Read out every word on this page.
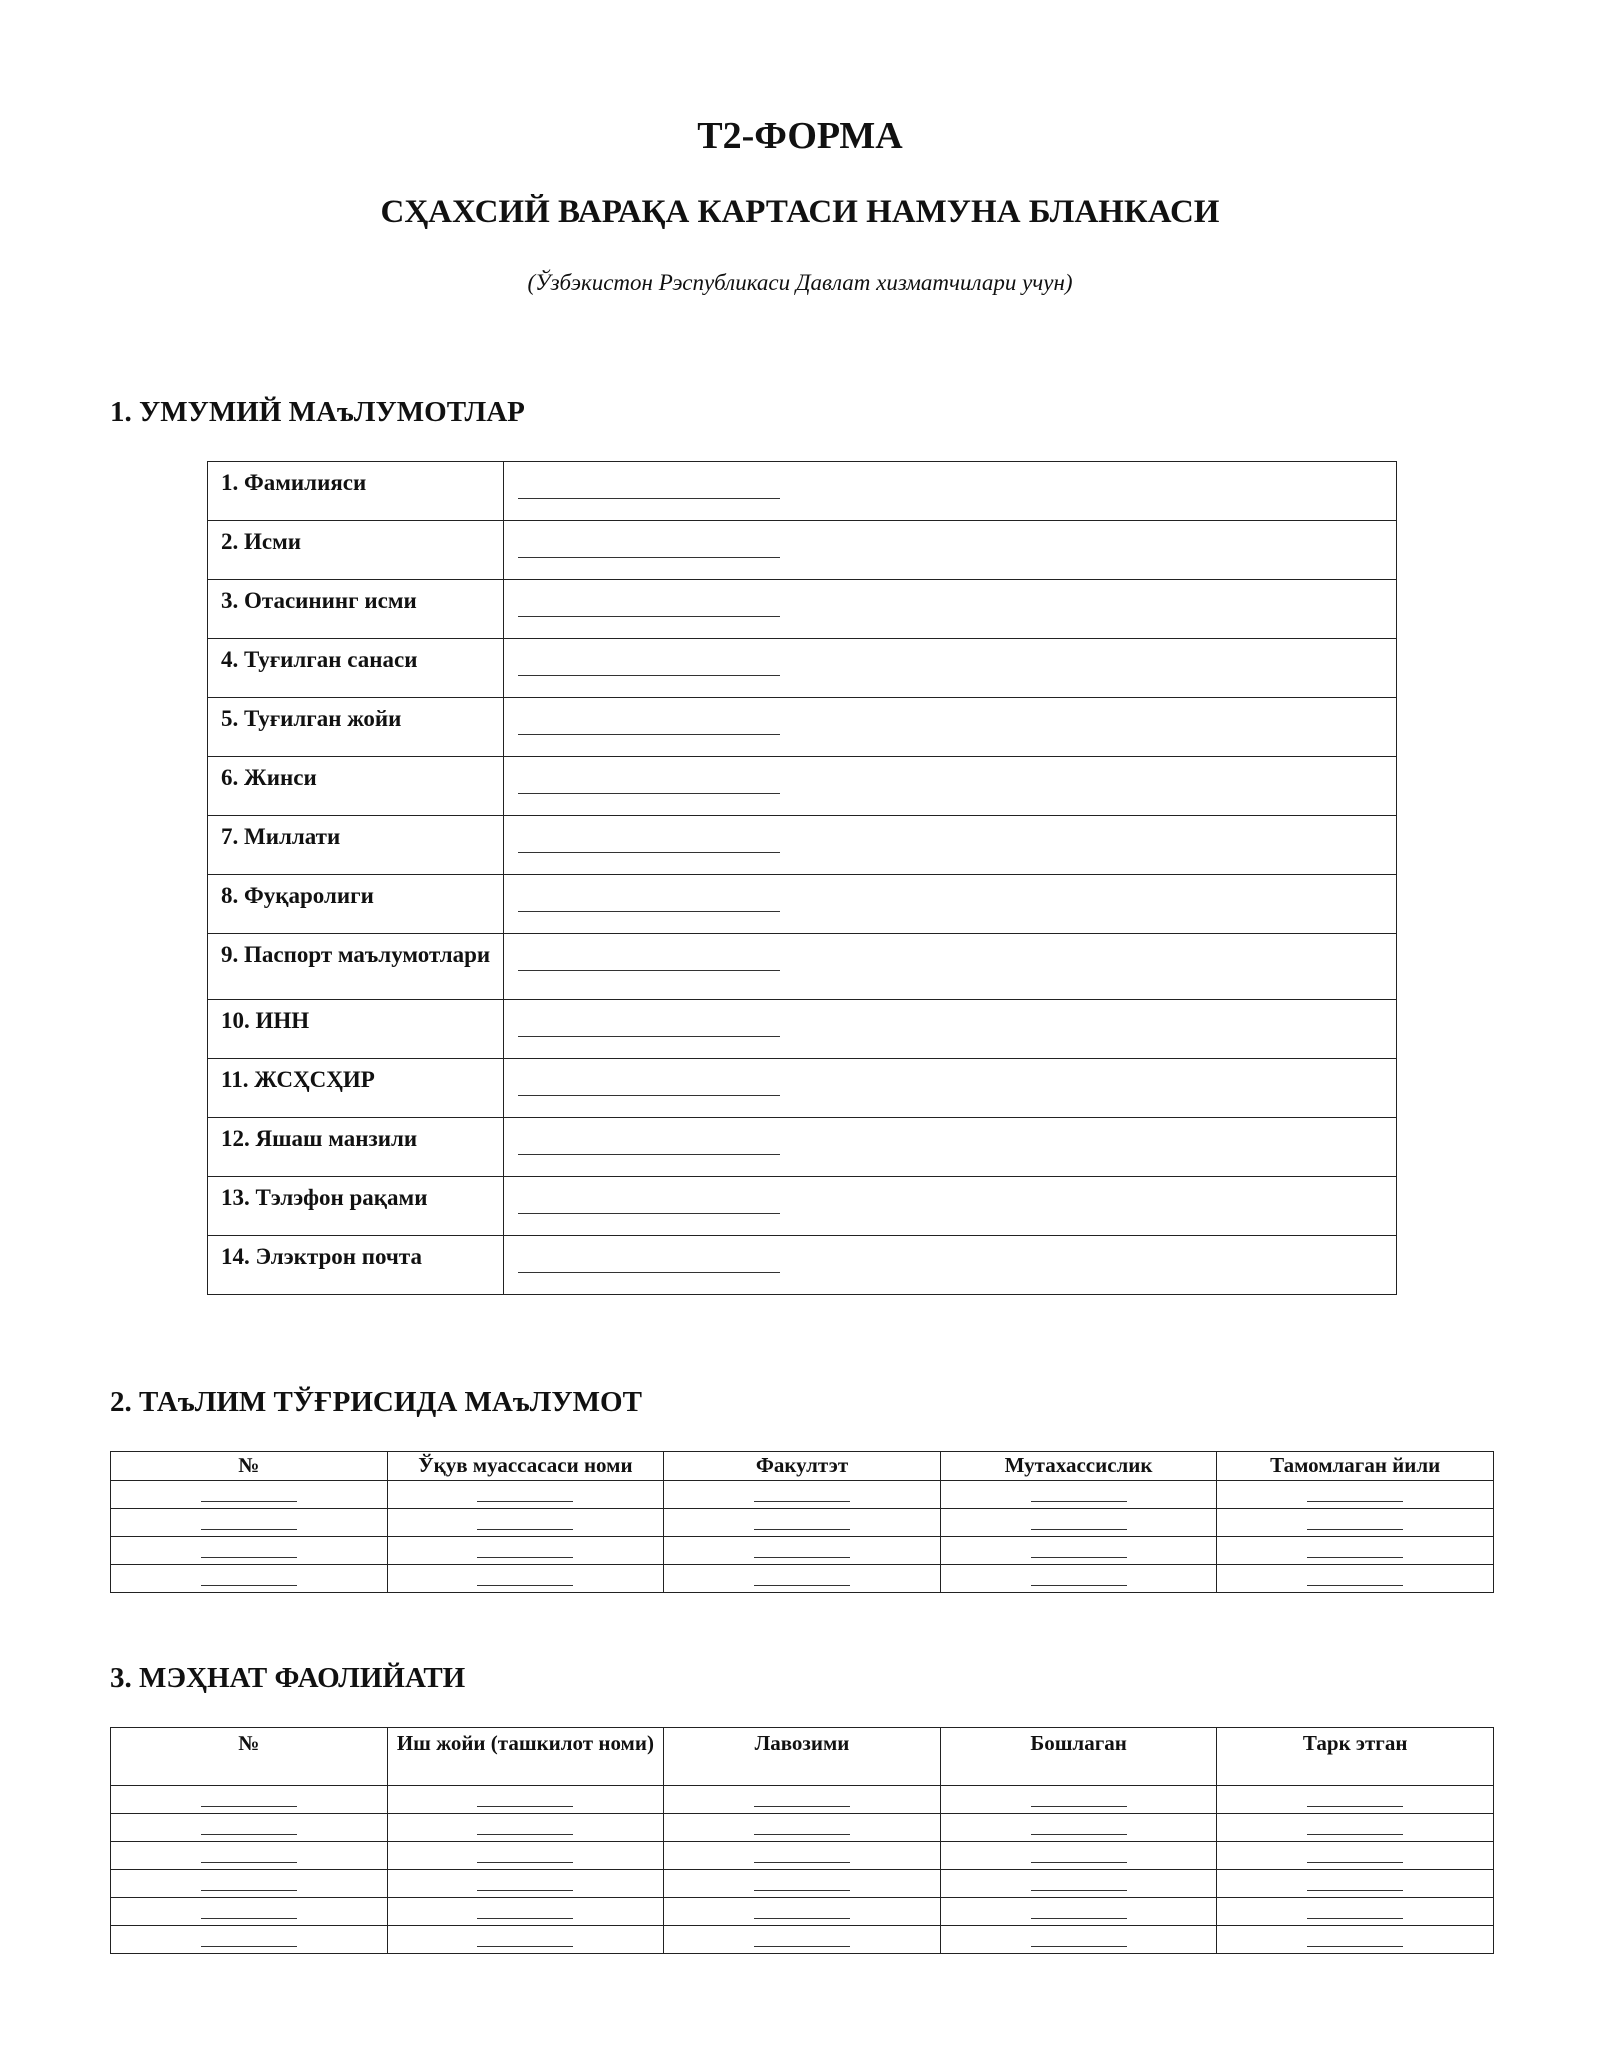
Т2-ФОРМА
СҲАХСИЙ ВАРАҚА КАРТАСИ НАМУНА БЛАНКАСИ
(Ўзбэкистон Рэспубликаси Давлат хизматчилари учун)
1. УМУМИЙ МАъЛУМОТЛАР
1. Фамилияси	

2. Исми	

3. Отасининг исми	

4. Туғилган санаси	

5. Туғилган жойи	

6. Жинси	

7. Миллати	

8. Фуқаролиги	

9. Паспорт маълумотлари	

10. ИНН	

11. ЖСҲСҲИР	

12. Яшаш манзили	

13. Тэлэфон рақами	

14. Элэктрон почта	
2. ТАъЛИМ ТЎҒРИСИДА МАъЛУМОТ
№	Ўқув муассасаси номи	Факултэт	Мутахассислик	Тамомлаган йили

3. МЭҲНАТ ФАОЛИЙАТИ
№	Иш жойи (ташкилот номи)	Лавозими	Бошлаган	Тарк этган
